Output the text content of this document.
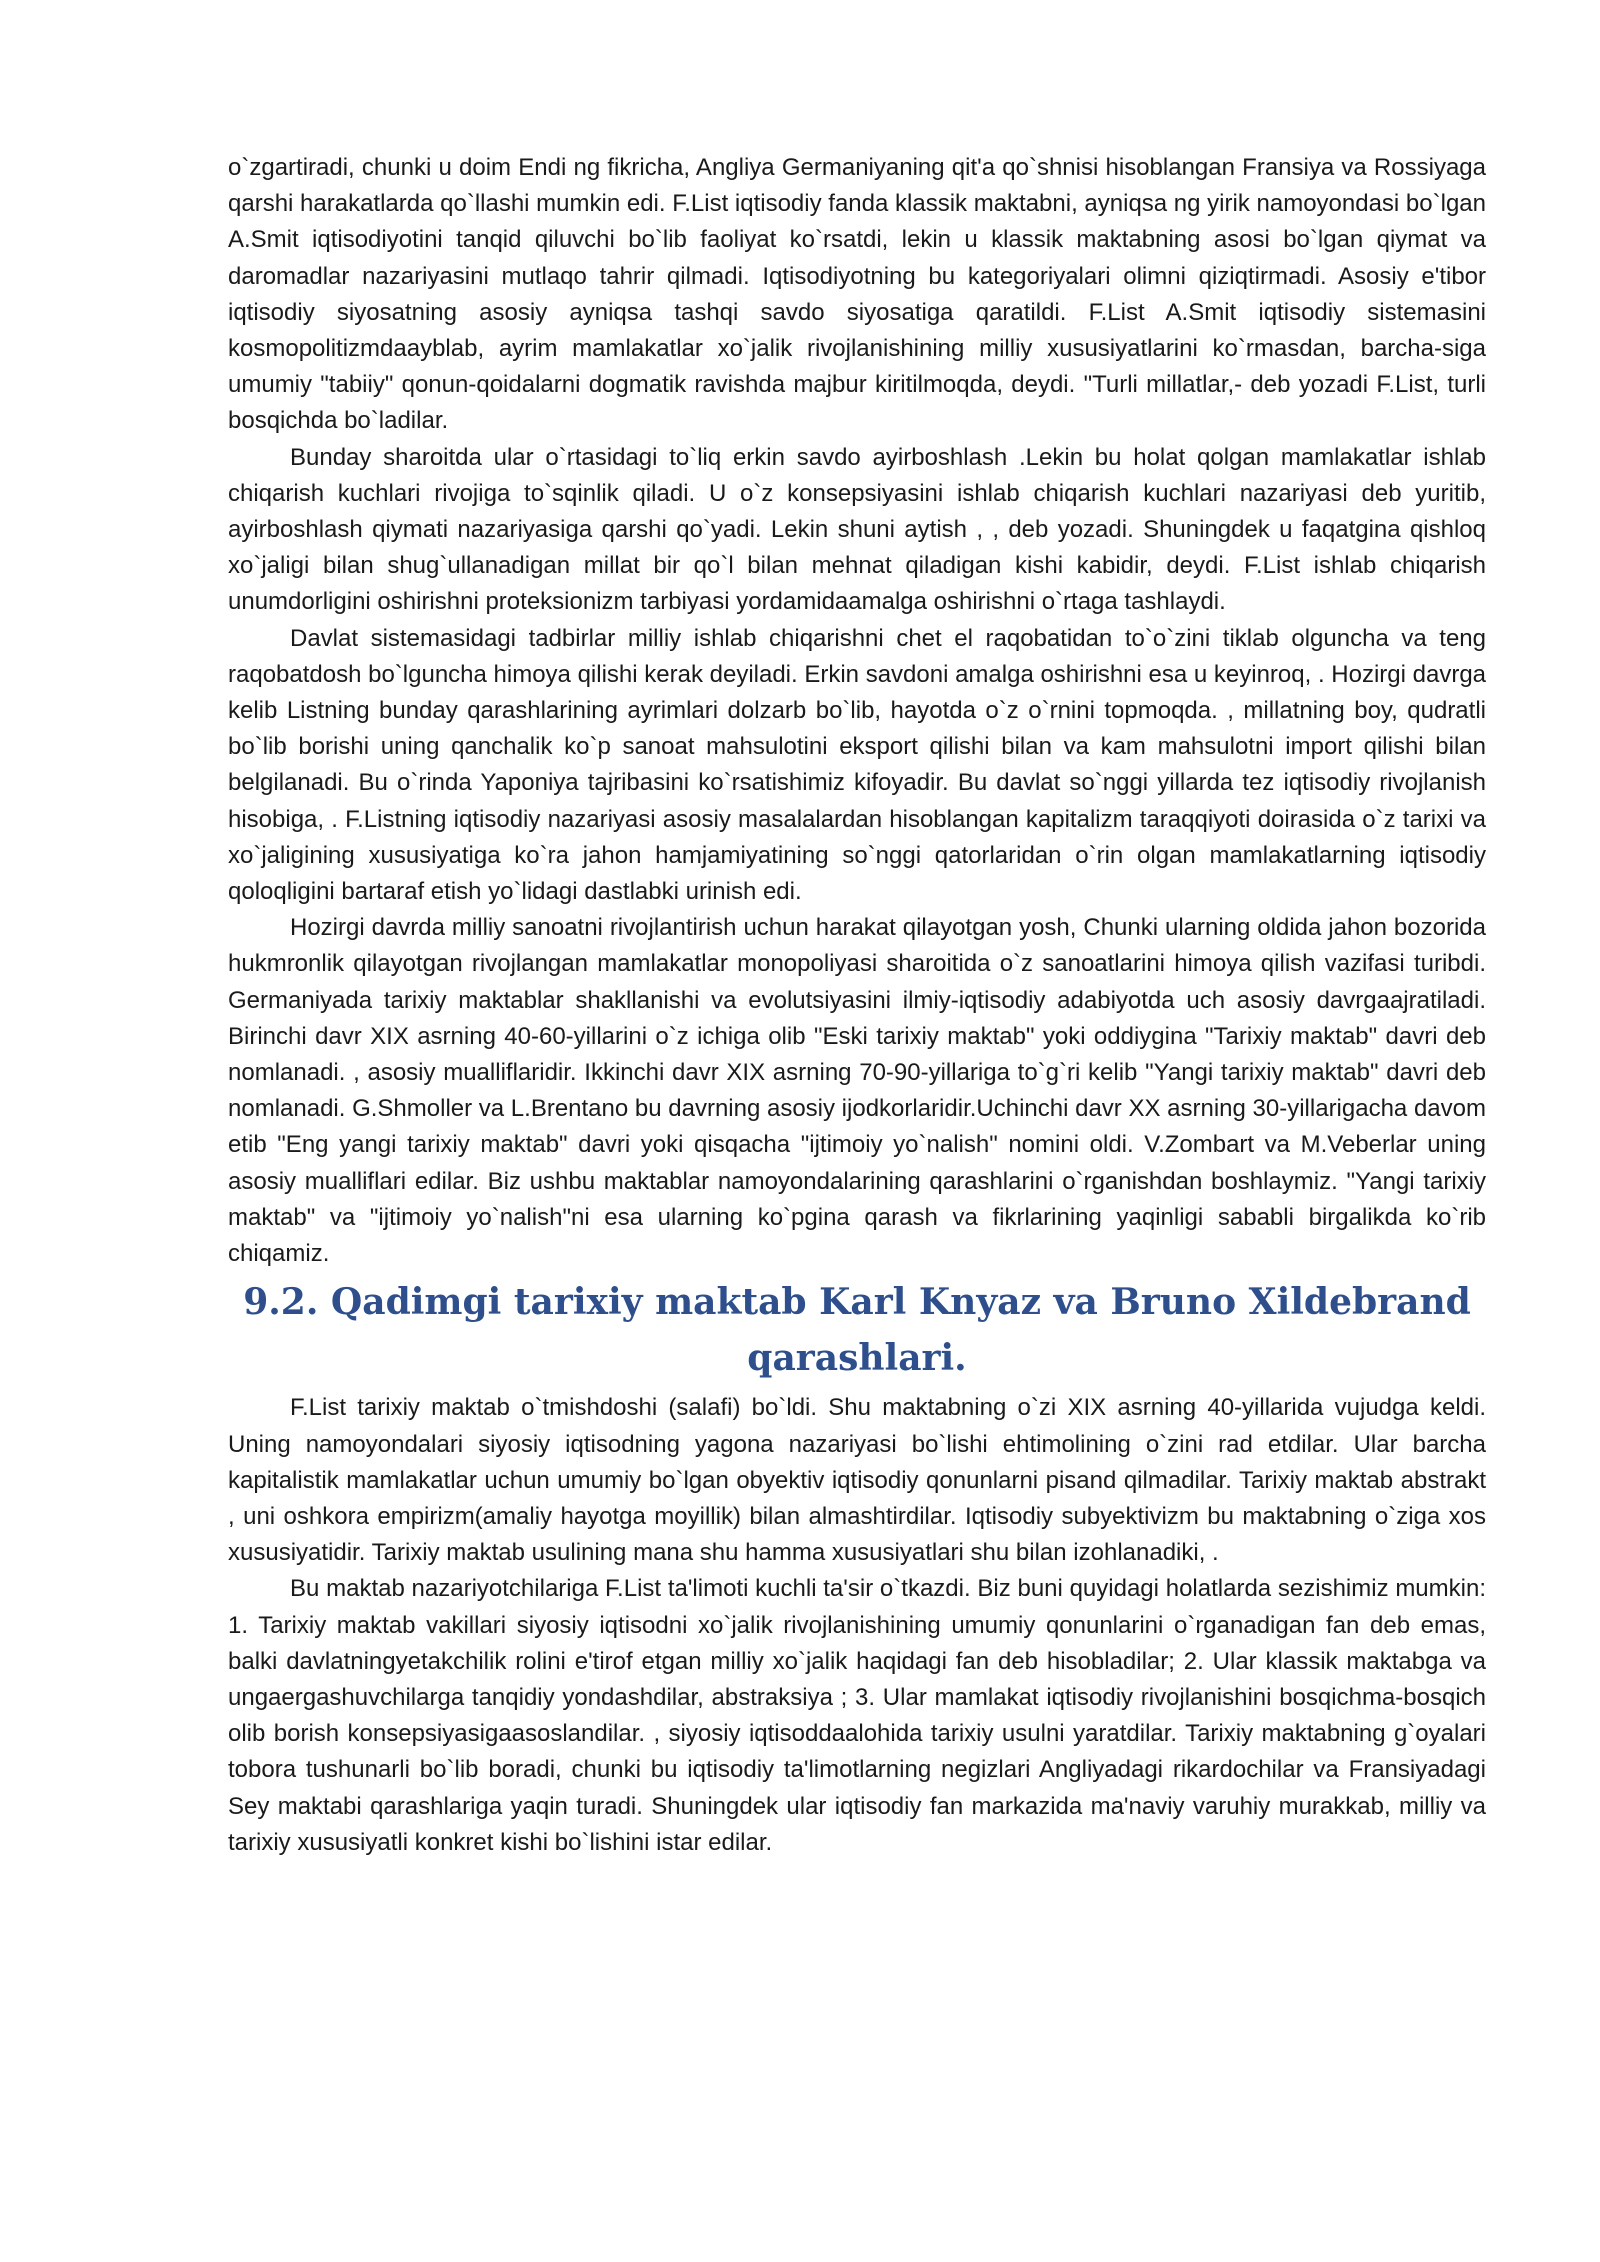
o`zgartiradi, chunki u doim Endi ng fikricha, Angliya Germaniyaning qit'a qo`shnisi hisoblangan Fransiya va Rossiyaga qarshi harakatlarda qo`llashi mumkin edi. F.List iqtisodiy fanda klassik maktabni, ayniqsa ng yirik namoyondasi bo`lgan A.Smit iqtisodiyotini tanqid qiluvchi bo`lib faoliyat ko`rsatdi, lekin u klassik maktabning asosi bo`lgan qiymat va daromadlar nazariyasini mutlaqo tahrir qilmadi. Iqtisodiyotning bu kategoriyalari olimni qiziqtirmadi. Asosiy e'tibor iqtisodiy siyosatning asosiy ayniqsa tashqi savdo siyosatiga qaratildi. F.List A.Smit iqtisodiy sistemasini kosmopolitizmdaayblab, ayrim mamlakatlar xo`jalik rivojlanishining milliy xususiyatlarini ko`rmasdan, barcha-siga umumiy "tabiiy" qonun-qoidalarni dogmatik ravishda majbur kiritilmoqda, deydi. "Turli millatlar,- deb yozadi F.List, turli bosqichda bo`ladilar.

Bunday sharoitda ular o`rtasidagi to`liq erkin savdo ayirboshlash .Lekin bu holat qolgan mamlakatlar ishlab chiqarish kuchlari rivojiga to`sqinlik qiladi. U o`z konsepsiyasini ishlab chiqarish kuchlari nazariyasi deb yuritib, ayirboshlash qiymati nazariyasiga qarshi qo`yadi. Lekin shuni aytish , , deb yozadi. Shuningdek u faqatgina qishloq xo`jaligi bilan shug`ullanadigan millat bir qo`l bilan mehnat qiladigan kishi kabidir, deydi. F.List ishlab chiqarish unumdorligini oshirishni proteksionizm tarbiyasi yordamidaamalga oshirishni o`rtaga tashlaydi.

Davlat sistemasidagi tadbirlar milliy ishlab chiqarishni chet el raqobatidan to`o`zini tiklab olguncha va teng raqobatdosh bo`lguncha himoya qilishi kerak deyiladi. Erkin savdoni amalga oshirishni esa u keyinroq, . Hozirgi davrga kelib Listning bunday qarashlarining ayrimlari dolzarb bo`lib, hayotda o`z o`rnini topmoqda. , millatning boy, qudratli bo`lib borishi uning qanchalik ko`p sanoat mahsulotini eksport qilishi bilan va kam mahsulotni import qilishi bilan belgilanadi. Bu o`rinda Yaponiya tajribasini ko`rsatishimiz kifoyadir. Bu davlat so`nggi yillarda tez iqtisodiy rivojlanish hisobiga, . F.Listning iqtisodiy nazariyasi asosiy masalalardan hisoblangan kapitalizm taraqqiyoti doirasida o`z tarixi va xo`jaligining xususiyatiga ko`ra jahon hamjamiyatining so`nggi qatorlaridan o`rin olgan mamlakatlarning iqtisodiy qoloqligini bartaraf etish yo`lidagi dastlabki urinish edi.

Hozirgi davrda milliy sanoatni rivojlantirish uchun harakat qilayotgan yosh, Chunki ularning oldida jahon bozorida hukmronlik qilayotgan rivojlangan mamlakatlar monopoliyasi sharoitida o`z sanoatlarini himoya qilish vazifasi turibdi. Germaniyada tarixiy maktablar shakllanishi va evolutsiyasini ilmiy-iqtisodiy adabiyotda uch asosiy davrgaajratiladi. Birinchi davr XIX asrning 40-60-yillarini o`z ichiga olib "Eski tarixiy maktab" yoki oddiygina "Tarixiy maktab" davri deb nomlanadi. , asosiy mualliflaridir. Ikkinchi davr XIX asrning 70-90-yillariga to`g`ri kelib "Yangi tarixiy maktab" davri deb nomlanadi. G.Shmoller va L.Brentano bu davrning asosiy ijodkorlaridir.Uchinchi davr XX asrning 30-yillarigacha davom etib "Eng yangi tarixiy maktab" davri yoki qisqacha "ijtimoiy yo`nalish" nomini oldi. V.Zombart va M.Veberlar uning asosiy mualliflari edilar. Biz ushbu maktablar namoyondalarining qarashlarini o`rganishdan boshlaymiz. "Yangi tarixiy maktab" va "ijtimoiy yo`nalish"ni esa ularning ko`pgina qarash va fikrlarining yaqinligi sababli birgalikda ko`rib chiqamiz.

9.2. Qadimgi tarixiy maktab Karl Knyaz va Bruno Xildebrand qarashlari.

F.List tarixiy maktab o`tmishdoshi (salafi) bo`ldi. Shu maktabning o`zi XIX asrning 40-yillarida vujudga keldi. Uning namoyondalari siyosiy iqtisodning yagona nazariyasi bo`lishi ehtimolining o`zini rad etdilar. Ular barcha kapitalistik mamlakatlar uchun umumiy bo`lgan obyektiv iqtisodiy qonunlarni pisand qilmadilar. Tarixiy maktab abstrakt , uni oshkora empirizm(amaliy hayotga moyillik) bilan almashtirdilar. Iqtisodiy subyektivizm bu maktabning o`ziga xos xususiyatidir. Tarixiy maktab usulining mana shu hamma xususiyatlari shu bilan izohlanadiki, .

Bu maktab nazariyotchilariga F.List ta'limoti kuchli ta'sir o`tkazdi. Biz buni quyidagi holatlarda sezishimiz mumkin: 1. Tarixiy maktab vakillari siyosiy iqtisodni xo`jalik rivojlanishining umumiy qonunlarini o`rganadigan fan deb emas, balki davlatningyetakchilik rolini e'tirof etgan milliy xo`jalik haqidagi fan deb hisobladilar; 2. Ular klassik maktabga va ungaergashuvchilarga tanqidiy yondashdilar, abstraksiya ; 3. Ular mamlakat iqtisodiy rivojlanishini bosqichma-bosqich olib borish konsepsiyasigaasoslandilar. , siyosiy iqtisoddaalohida tarixiy usulni yaratdilar. Tarixiy maktabning g`oyalari tobora tushunarli bo`lib boradi, chunki bu iqtisodiy ta'limotlarning negizlari Angliyadagi rikardochilar va Fransiyadagi Sey maktabi qarashlariga yaqin turadi. Shuningdek ular iqtisodiy fan markazida ma'naviy varuhiy murakkab, milliy va tarixiy xususiyatli konkret kishi bo`lishini istar edilar.
